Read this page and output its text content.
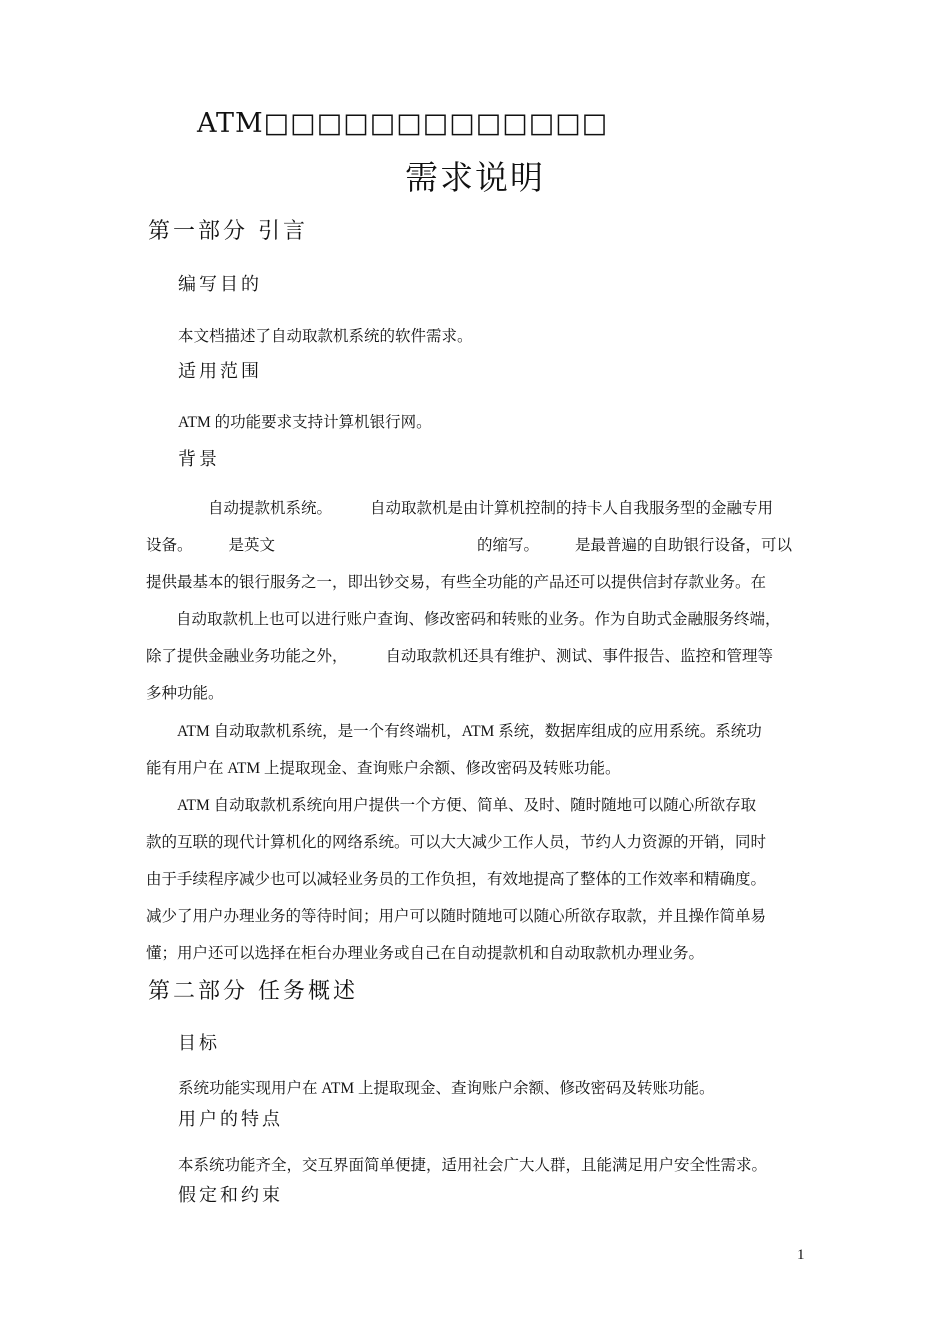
ATM□□□□□□□□□□□□□
需求说明
第一部分 引言
编写目的
本文档描述了自动取款机系统的软件需求。
适用范围
ATM 的功能要求支持计算机银行网。
背景
自动提款机系统。 自动取款机是由计算机控制的持卡人自我服务型的金融专用
设备。 是英文	的缩写。 是最普遍的自助银行设备，可以
提供最基本的银行服务之一，即出钞交易，有些全功能的产品还可以提供信封存款业务。在
自动取款机上也可以进行账户查询、修改密码和转账的业务。作为自助式金融服务终端，
除了提供金融业务功能之外， 自动取款机还具有维护、测试、事件报告、监控和管理等
多种功能。
ATM 自动取款机系统，是一个有终端机，ATM 系统，数据库组成的应用系统。系统功
能有用户在 ATM 上提取现金、查询账户余额、修改密码及转账功能。
ATM 自动取款机系统向用户提供一个方便、简单、及时、随时随地可以随心所欲存取
款的互联的现代计算机化的网络系统。可以大大减少工作人员，节约人力资源的开销，同时
由于手续程序减少也可以减轻业务员的工作负担，有效地提高了整体的工作效率和精确度。
减少了用户办理业务的等待时间；用户可以随时随地可以随心所欲存取款，并且操作简单易
懂；用户还可以选择在柜台办理业务或自己在自动提款机和自动取款机办理业务。
第二部分 任务概述
目标
系统功能实现用户在 ATM 上提取现金、查询账户余额、修改密码及转账功能。
用户的特点
本系统功能齐全，交互界面简单便捷，适用社会广大人群，且能满足用户安全性需求。
假定和约束
1
